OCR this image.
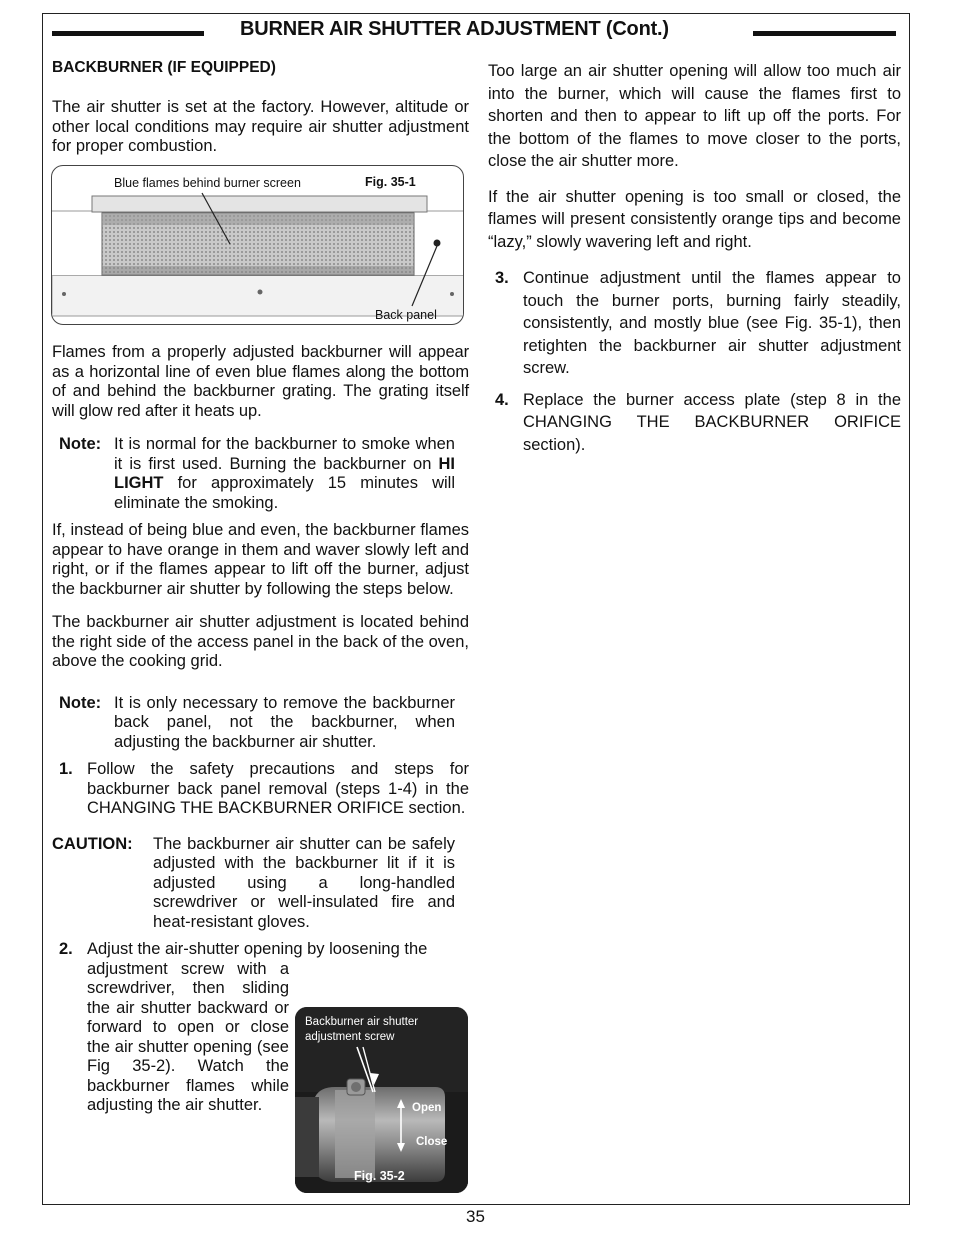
BURNER AIR SHUTTER ADJUSTMENT (Cont.)

BACKBURNER (IF EQUIPPED)

The air shutter is set at the factory. However, altitude or other local conditions may require air shutter adjustment for proper combustion.

Blue flames behind burner screen	Fig. 35-1
Back panel

Flames from a properly adjusted backburner will appear as a horizontal line of even blue flames along the bottom of and behind the backburner grating. The grating itself will glow red after it heats up.

Note: It is normal for the backburner to smoke when it is first used. Burning the backburner on HI LIGHT for approximately 15 minutes will eliminate the smoking.

If, instead of being blue and even, the backburner flames appear to have orange in them and waver slowly left and right, or if the flames appear to lift off the burner, adjust the backburner air shutter by following the steps below.

The backburner air shutter adjustment is located behind the right side of the access panel in the back of the oven, above the cooking grid.

Note: It is only necessary to remove the backburner back panel, not the backburner, when adjusting the backburner air shutter.
1. Follow the safety precautions and steps for backburner back panel removal (steps 1-4) in the CHANGING THE BACKBURNER ORIFICE section.
CAUTION:	The backburner air shutter can be safely adjusted with the backburner lit if it is adjusted using a long-handled screwdriver or well-insulated fire and heat-resistant gloves.
2. Adjust the air-shutter opening by loosening the
adjustment screw with a screwdriver, then sliding the air shutter backward or forward to open or close the air shutter opening (see Fig 35-2). Watch the backburner flames while adjusting the air shutter.
Backburner air shutter
adjustment screw
Open
Close
Fig. 35-2

Too large an air shutter opening will allow too much air into the burner, which will cause the flames first to shorten and then to appear to lift up off the ports. For the bottom of the flames to move closer to the ports, close the air shutter more.

If the air shutter opening is too small or closed, the flames will present consistently orange tips and become “lazy,” slowly wavering left and right.

3. Continue adjustment until the flames appear to touch the burner ports, burning fairly steadily, consistently, and mostly blue (see Fig. 35-1), then retighten the backburner air shutter adjustment screw.
4. Replace the burner access plate (step 8 in the CHANGING THE BACKBURNER ORIFICE section).
35
